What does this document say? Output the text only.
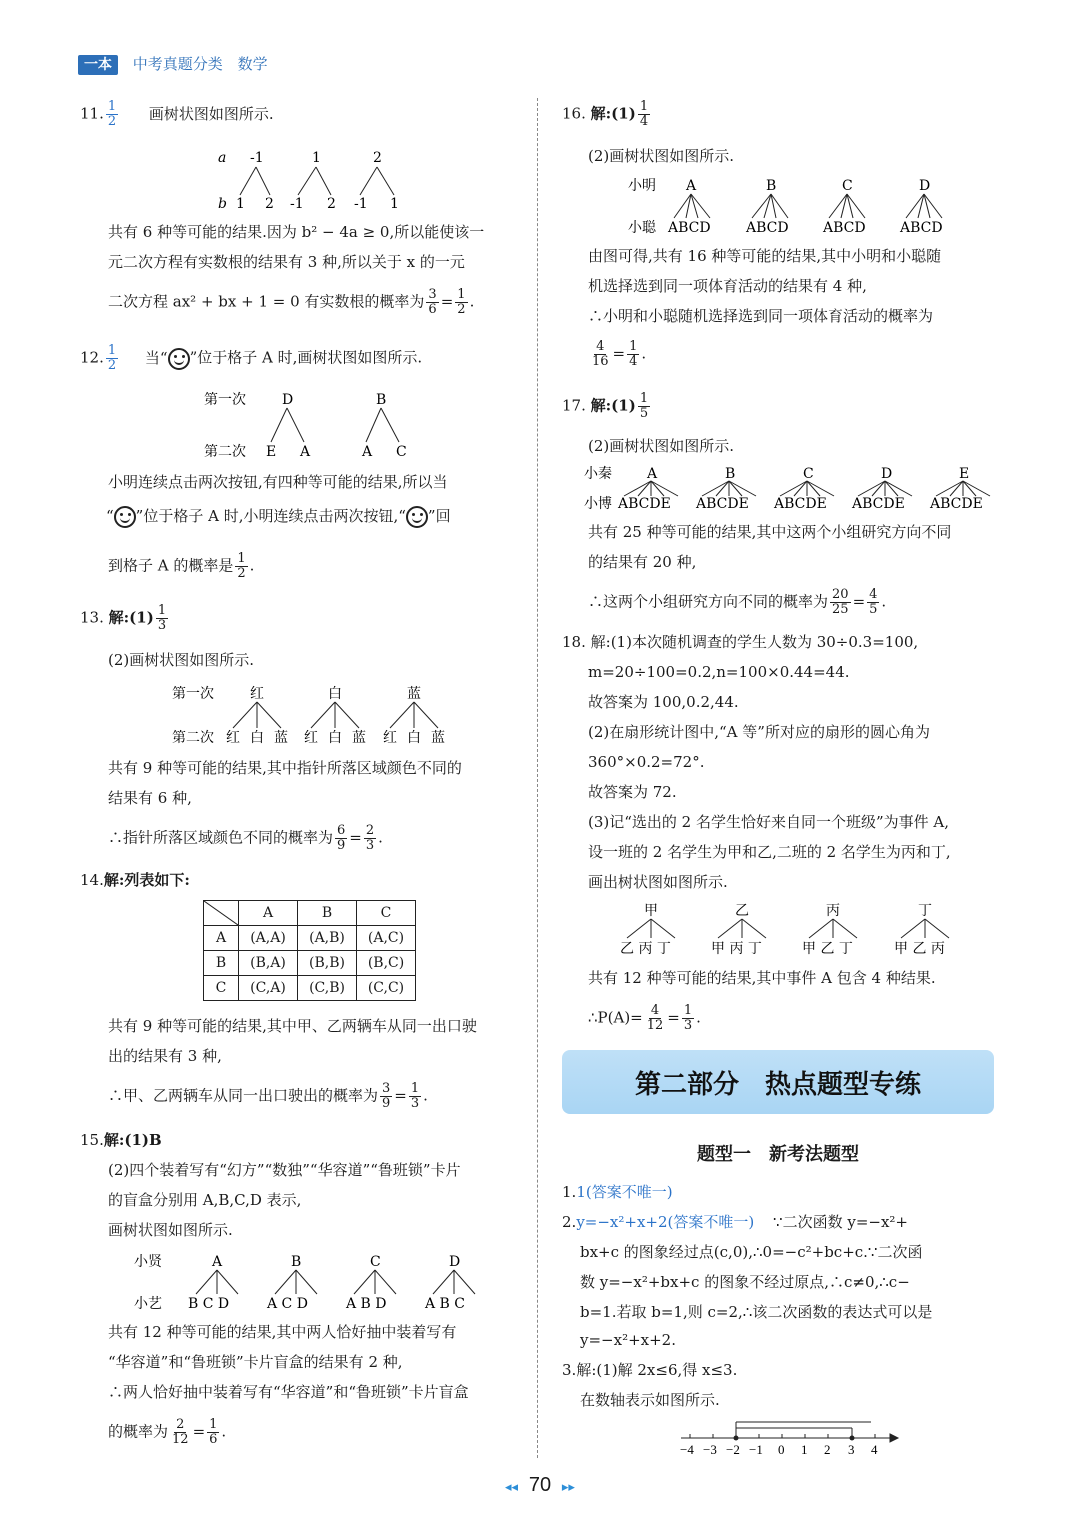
一本 中考真题分类 数学
11. $\frac{1}{2}$ 画树状图如图所示.
a
b
-1	1	2
1 2 -1 2 -1 1
共有 6 种等可能的结果.因为 b² − 4a ≥ 0,所以能使该一
元二次方程有实数根的结果有 3 种,所以关于 x 的一元
二次方程 ax² + bx + 1 = 0 有实数根的概率为 $\frac{3}{6} = \frac{1}{2}$ .
12. $\frac{1}{2}$ 当“ ”位于格子 A 时,画树状图如图所示.
第一次
第二次
D	B
E A	A C
小明连续点击两次按钮,有四种等可能的结果,所以当
“ ”位于格子 A 时,小明连续点击两次按钮,“ ”回
到格子 A 的概率是 $\frac{1}{2}$ .
13. 解:(1) $\frac{1}{3}$
(2)画树状图如图所示.
第一次
第二次
红	白	蓝
红 白 蓝 红 白 蓝 红 白 蓝
共有 9 种等可能的结果,其中指针所落区域颜色不同的
结果有 6 种,
∴指针所落区域颜色不同的概率为 $\frac{6}{9} = \frac{2}{3}$ .
14.解:列表如下:
	A	B	C
A	(A,A)	(A,B)	(A,C)
B	(B,A)	(B,B)	(B,C)
C	(C,A)	(C,B)	(C,C)
共有 9 种等可能的结果,其中甲、乙两辆车从同一出口驶
出的结果有 3 种,
∴甲、乙两辆车从同一出口驶出的概率为 $\frac{3}{9} = \frac{1}{3}$ .
15.解:(1)B
(2)四个装着写有“幻方”“数独”“华容道”“鲁班锁”卡片
的盲盒分别用 A,B,C,D 表示,
画树状图如图所示.
小贤
小艺
A	B	C	D
B C D	A C D	A B D	A B C
共有 12 种等可能的结果,其中两人恰好抽中装着写有
“华容道”和“鲁班锁”卡片盲盒的结果有 2 种,
∴两人恰好抽中装着写有“华容道”和“鲁班锁”卡片盲盒
的概率为 $\frac{2}{12} = \frac{1}{6}$ .
16. 解:(1) $\frac{1}{4}$
(2)画树状图如图所示.
小明
小聪
A	B	C	D
ABCD	ABCD ABCD ABCD
由图可得,共有 16 种等可能的结果,其中小明和小聪随
机选择选到同一项体育活动的结果有 4 种,
∴小明和小聪随机选择选到同一项体育活动的概率为
$\frac{4}{16} = \frac{1}{4}$ .
17. 解:(1) $\frac{1}{5}$
(2)画树状图如图所示.
小秦
小博
A	B	C	D	E
ABCDE ABCDE ABCDE ABCDE ABCDE
共有 25 种等可能的结果,其中这两个小组研究方向不同
的结果有 20 种,
∴这两个小组研究方向不同的概率为 $\frac{20}{25} = \frac{4}{5}$ .
18. 解:(1)本次随机调查的学生人数为 30÷0.3=100,
m=20÷100=0.2,n=100×0.44=44.
故答案为 100,0.2,44.
(2)在扇形统计图中,“A 等”所对应的扇形的圆心角为
360°×0.2=72°.
故答案为 72.
(3)记“选出的 2 名学生恰好来自同一个班级”为事件 A,
设一班的 2 名学生为甲和乙,二班的 2 名学生为丙和丁,
画出树状图如图所示.
甲	乙	丙	丁
乙 丙 丁	甲 丙 丁	甲 乙 丁	甲 乙 丙
共有 12 种等可能的结果,其中事件 A 包含 4 种结果.
∴P(A)= $\frac{4}{12} = \frac{1}{3}$ .
第二部分　热点题型专练
题型一　新考法题型
1.1(答案不唯一)
2.y=−x²+x+2(答案不唯一) ∵二次函数 y=−x²+
bx+c 的图象经过点(c,0),∴0=−c²+bc+c.∵二次函
数 y=−x²+bx+c 的图象不经过原点,∴c≠0,∴c−
b=1.若取 b=1,则 c=2,∴该二次函数的表达式可以是
y=−x²+x+2.
3.解:(1)解 2x≤6,得 x≤3.
在数轴表示如图所示.
−4 −3 −2 −1 0 1 2 3 4
◂◂ 70 ▸▸
